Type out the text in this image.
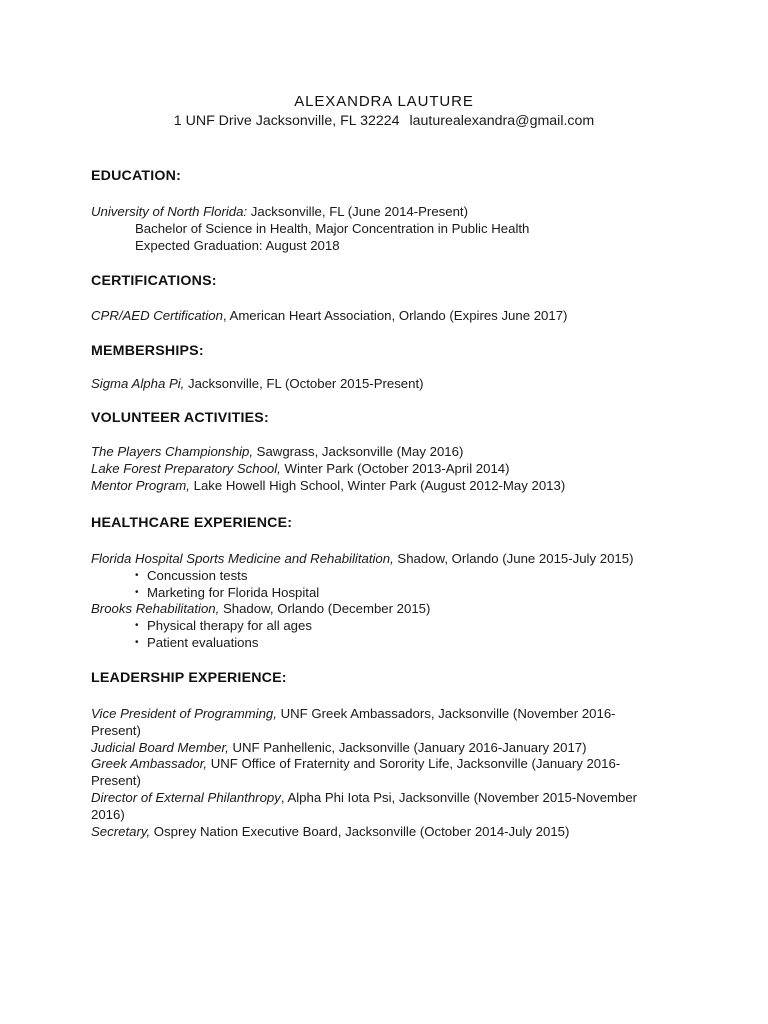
ALEXANDRA LAUTURE
1 UNF Drive Jacksonville, FL 32224 lauturealexandra@gmail.com
EDUCATION:
University of North Florida: Jacksonville, FL (June 2014-Present)
Bachelor of Science in Health, Major Concentration in Public Health
Expected Graduation: August 2018
CERTIFICATIONS:
CPR/AED Certification, American Heart Association, Orlando (Expires June 2017)
MEMBERSHIPS:
Sigma Alpha Pi, Jacksonville, FL (October 2015-Present)
VOLUNTEER ACTIVITIES:
The Players Championship, Sawgrass, Jacksonville (May 2016)
Lake Forest Preparatory School, Winter Park (October 2013-April 2014)
Mentor Program, Lake Howell High School, Winter Park (August 2012-May 2013)
HEALTHCARE EXPERIENCE:
Florida Hospital Sports Medicine and Rehabilitation, Shadow, Orlando (June 2015-July 2015)
• Concussion tests
• Marketing for Florida Hospital
Brooks Rehabilitation, Shadow, Orlando (December 2015)
• Physical therapy for all ages
• Patient evaluations
LEADERSHIP EXPERIENCE:
Vice President of Programming, UNF Greek Ambassadors, Jacksonville (November 2016-
Present)
Judicial Board Member, UNF Panhellenic, Jacksonville (January 2016-January 2017)
Greek Ambassador, UNF Office of Fraternity and Sorority Life, Jacksonville (January 2016-
Present)
Director of External Philanthropy, Alpha Phi Iota Psi, Jacksonville (November 2015-November
2016)
Secretary, Osprey Nation Executive Board, Jacksonville (October 2014-July 2015)
